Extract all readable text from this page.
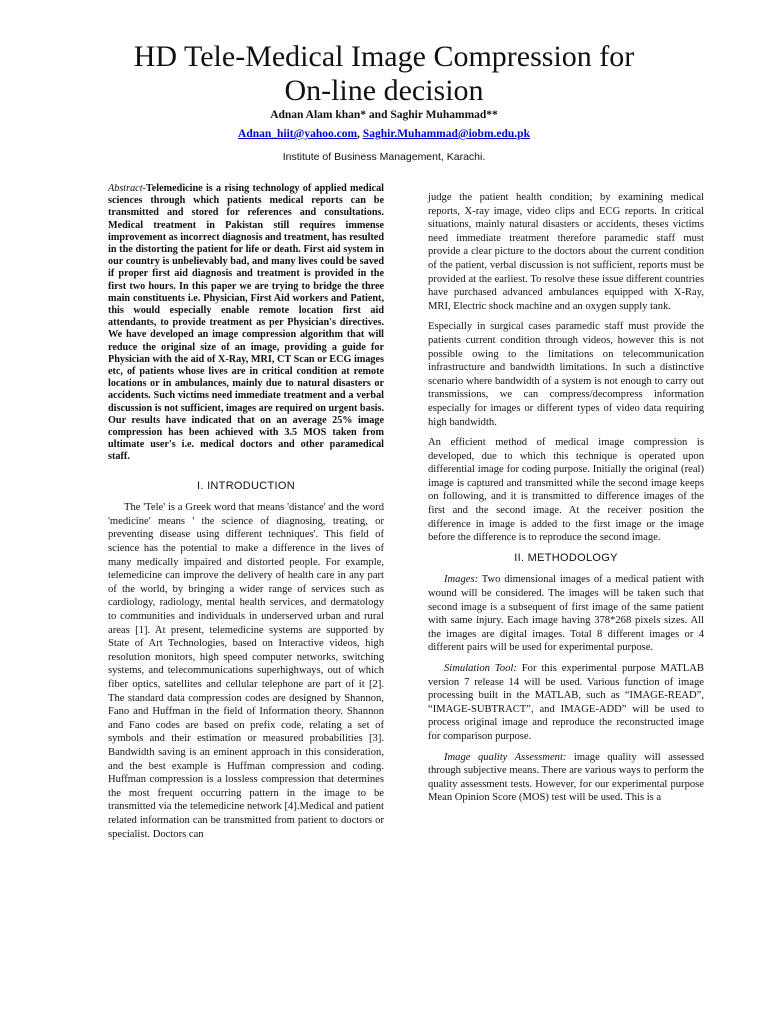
HD Tele-Medical Image Compression for
On-line decision
Adnan Alam khan* and Saghir Muhammad**
Adnan_hiit@yahoo.com, Saghir.Muhammad@iobm.edu.pk
Institute of Business Management, Karachi.

Abstract-Telemedicine is a rising technology of applied medical sciences through which patients medical reports can be transmitted and stored for references and consultations. Medical treatment in Pakistan still requires immense improvement as incorrect diagnosis and treatment, has resulted in the distorting the patient for life or death. First aid system in our country is unbelievably bad, and many lives could be saved if proper first aid diagnosis and treatment is provided in the first two hours. In this paper we are trying to bridge the three main constituents i.e. Physician, First Aid workers and Patient, this would especially enable remote location first aid attendants, to provide treatment as per Physician's directives. We have developed an image compression algorithm that will reduce the original size of an image, providing a guide for Physician with the aid of X-Ray, MRI, CT Scan or ECG images etc, of patients whose lives are in critical condition at remote locations or in ambulances, mainly due to natural disasters or accidents. Such victims need immediate treatment and a verbal discussion is not sufficient, images are required on urgent basis. Our results have indicated that on an average 25% image compression has been achieved with 3.5 MOS taken from ultimate user's i.e. medical doctors and other paramedical staff.

I. INTRODUCTION

The 'Tele' is a Greek word that means 'distance' and the word 'medicine' means ' the science of diagnosing, treating, or preventing disease using different techniques'. This field of science has the potential to make a difference in the lives of many medically impaired and distorted people. For example, telemedicine can improve the delivery of health care in any part of the world, by bringing a wider range of services such as cardiology, radiology, mental health services, and dermatology to communities and individuals in underserved urban and rural areas [1]. At present, telemedicine systems are supported by State of Art Technologies, based on Interactive videos, high resolution monitors, high speed computer networks, switching systems, and telecommunications superhighways, out of which fiber optics, satellites and cellular telephone are part of it [2]. The standard data compression codes are designed by Shannon, Fano and Huffman in the field of Information theory. Shannon and Fano codes are based on prefix code, relating a set of symbols and their estimation or measured probabilities [3]. Bandwidth saving is an eminent approach in this consideration, and the best example is Huffman compression and coding. Huffman compression is a lossless compression that determines the most frequent occurring pattern in the image to be transmitted via the telemedicine network [4].Medical and patient related information can be transmitted from patient to doctors or specialist. Doctors can

judge the patient health condition; by examining medical reports, X-ray image, video clips and ECG reports. In critical situations, mainly natural disasters or accidents, theses victims need immediate treatment therefore paramedic staff must provide a clear picture to the doctors about the current condition of the patient, verbal discussion is not sufficient, reports must be provided at the earliest. To resolve these issue different countries have purchased advanced ambulances equipped with X-Ray, MRI, Electric shock machine and an oxygen supply tank.

Especially in surgical cases paramedic staff must provide the patients current condition through videos, however this is not possible owing to the limitations on telecommunication infrastructure and bandwidth limitations. In such a distinctive scenario where bandwidth of a system is not enough to carry out transmissions, we can compress/decompress information especially for images or different types of video data requiring high bandwidth.

An efficient method of medical image compression is developed, due to which this technique is operated upon differential image for coding purpose. Initially the original (real) image is captured and transmitted while the second image keeps on following, and it is transmitted to difference images of the first and the second image. At the receiver position the difference in image is added to the first image or the image before the difference is to reproduce the second image.

II. METHODOLOGY

Images: Two dimensional images of a medical patient with wound will be considered. The images will be taken such that second image is a subsequent of first image of the same patient with same injury. Each image having 378*268 pixels sizes. All the images are digital images. Total 8 different images or 4 different pairs will be used for experimental purpose.

Simulation Tool: For this experimental purpose MATLAB version 7 release 14 will be used. Various function of image processing built in the MATLAB, such as “IMAGE-READ”, “IMAGE-SUBTRACT”, and IMAGE-ADD” will be used to process original image and reproduce the reconstructed image for comparison purpose.

Image quality Assessment: image quality will assessed through subjective means. There are various ways to perform the quality assessment tests. However, for our experimental purpose Mean Opinion Score (MOS) test will be used. This is a
